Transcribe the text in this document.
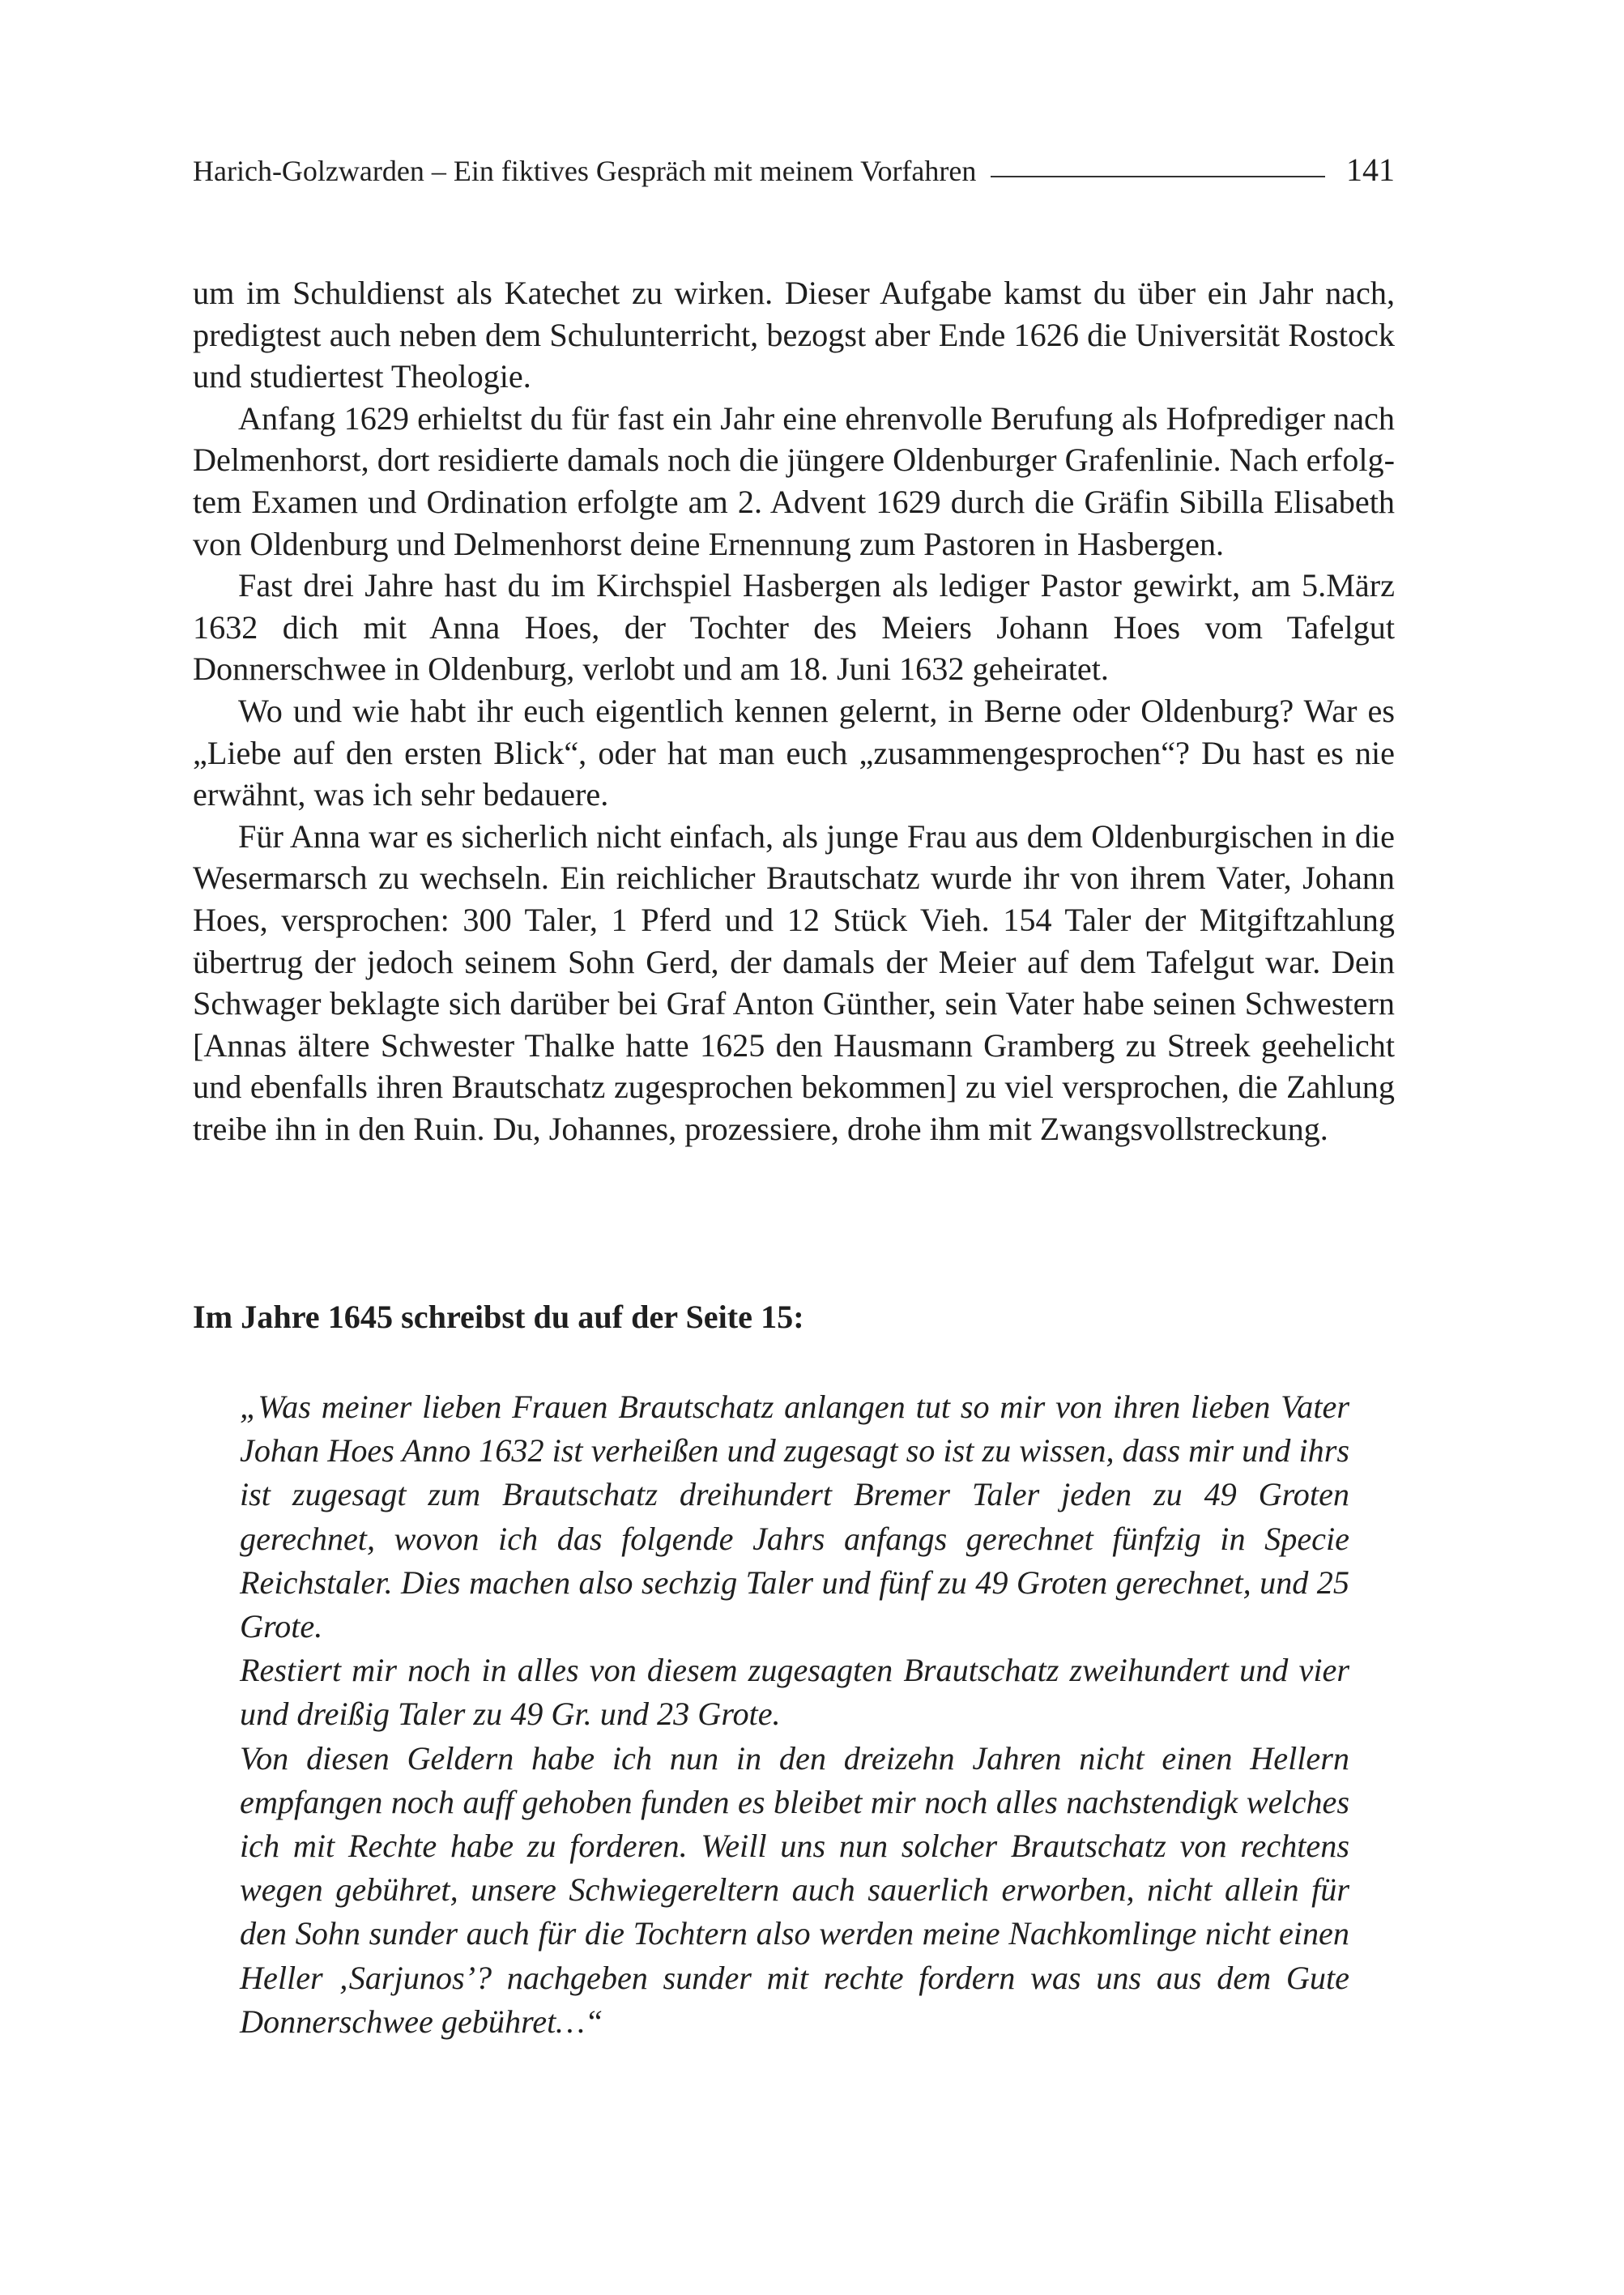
Harich-Golzwarden – Ein fiktives Gespräch mit meinem Vorfahren	141

um im Schuldienst als Katechet zu wirken. Dieser Aufgabe kamst du über ein Jahr nach, predigtest auch neben dem Schulunterricht, bezogst aber Ende 1626 die Universität Rostock und studiertest Theologie.

Anfang 1629 erhieltst du für fast ein Jahr eine ehrenvolle Berufung als Hofprediger nach Delmenhorst, dort residierte damals noch die jüngere Oldenburger Grafenlinie. Nach erfolg-tem Examen und Ordination erfolgte am 2. Advent 1629 durch die Gräfin Sibilla Elisabeth von Oldenburg und Delmenhorst deine Ernennung zum Pastoren in Hasbergen.

Fast drei Jahre hast du im Kirchspiel Hasbergen als lediger Pastor gewirkt, am 5.März 1632 dich mit Anna Hoes, der Tochter des Meiers Johann Hoes vom Tafelgut Donnerschwee in Oldenburg, verlobt und am 18. Juni 1632 geheiratet.

Wo und wie habt ihr euch eigentlich kennen gelernt, in Berne oder Oldenburg? War es „Liebe auf den ersten Blick“, oder hat man euch „zusammengesprochen“? Du hast es nie erwähnt, was ich sehr bedauere.

Für Anna war es sicherlich nicht einfach, als junge Frau aus dem Oldenburgischen in die Wesermarsch zu wechseln. Ein reichlicher Brautschatz wurde ihr von ihrem Vater, Johann Hoes, versprochen: 300 Taler, 1 Pferd und 12 Stück Vieh. 154 Taler der Mitgiftzahlung übertrug der jedoch seinem Sohn Gerd, der damals der Meier auf dem Tafelgut war. Dein Schwager beklagte sich darüber bei Graf Anton Günther, sein Vater habe seinen Schwestern [Annas ältere Schwester Thalke hatte 1625 den Hausmann Gramberg zu Streek geehelicht und ebenfalls ihren Brautschatz zugesprochen bekommen] zu viel versprochen, die Zahlung treibe ihn in den Ruin. Du, Johannes, prozessiere, drohe ihm mit Zwangsvollstreckung.

Im Jahre 1645 schreibst du auf der Seite 15:

„Was meiner lieben Frauen Brautschatz anlangen tut so mir von ihren lieben Vater Johan Hoes Anno 1632 ist verheißen und zugesagt so ist zu wissen, dass mir und ihrs ist zugesagt zum Brautschatz dreihundert Bremer Taler jeden zu 49 Groten gerechnet, wovon ich das folgende Jahrs anfangs gerechnet fünfzig in Specie Reichstaler. Dies machen also sechzig Taler und fünf zu 49 Groten gerechnet, und 25 Grote.

Restiert mir noch in alles von diesem zugesagten Brautschatz zweihundert und vier und dreißig Taler zu 49 Gr. und 23 Grote.

Von diesen Geldern habe ich nun in den dreizehn Jahren nicht einen Hellern empfangen noch auff gehoben funden es bleibet mir noch alles nachstendigk welches ich mit Rechte habe zu forderen. Weill uns nun solcher Brautschatz von rechtens wegen gebühret, unsere Schwiegereltern auch sauerlich erworben, nicht allein für den Sohn sunder auch für die Tochtern also werden meine Nachkomlinge nicht einen Heller ‚Sarjunos’? nachgeben sunder mit rechte fordern was uns aus dem Gute Donnerschwee gebühret…“
